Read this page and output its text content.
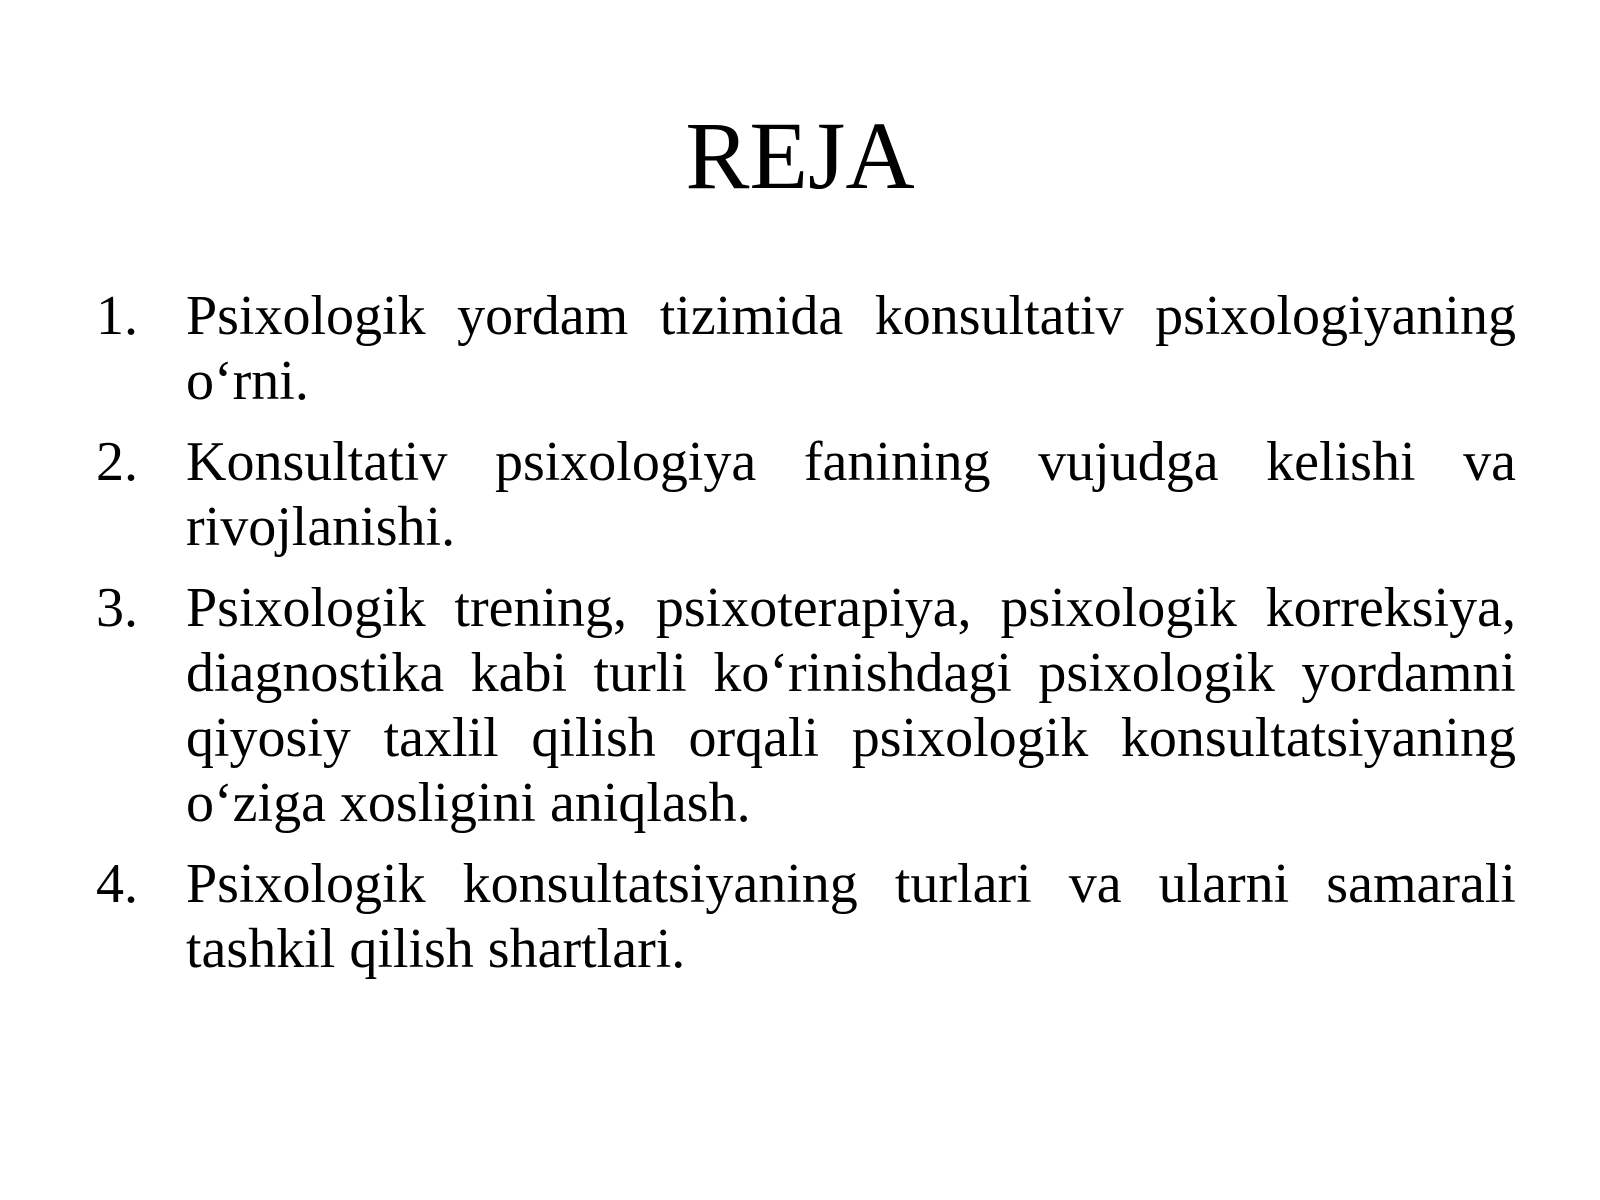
REJA
1. Psixologik yordam tizimida konsultativ psixologiyaning o‘rni.
2. Konsultativ psixologiya fanining vujudga kelishi va rivojlanishi.
3. Psixologik trening, psixoterapiya, psixologik korreksiya, diagnostika kabi turli ko‘rinishdagi psixologik yordamni qiyosiy taxlil qilish orqali psixologik konsultatsiyaning o‘ziga xosligini aniqlash.
4. Psixologik konsultatsiyaning turlari va ularni samarali tashkil qilish shartlari.
